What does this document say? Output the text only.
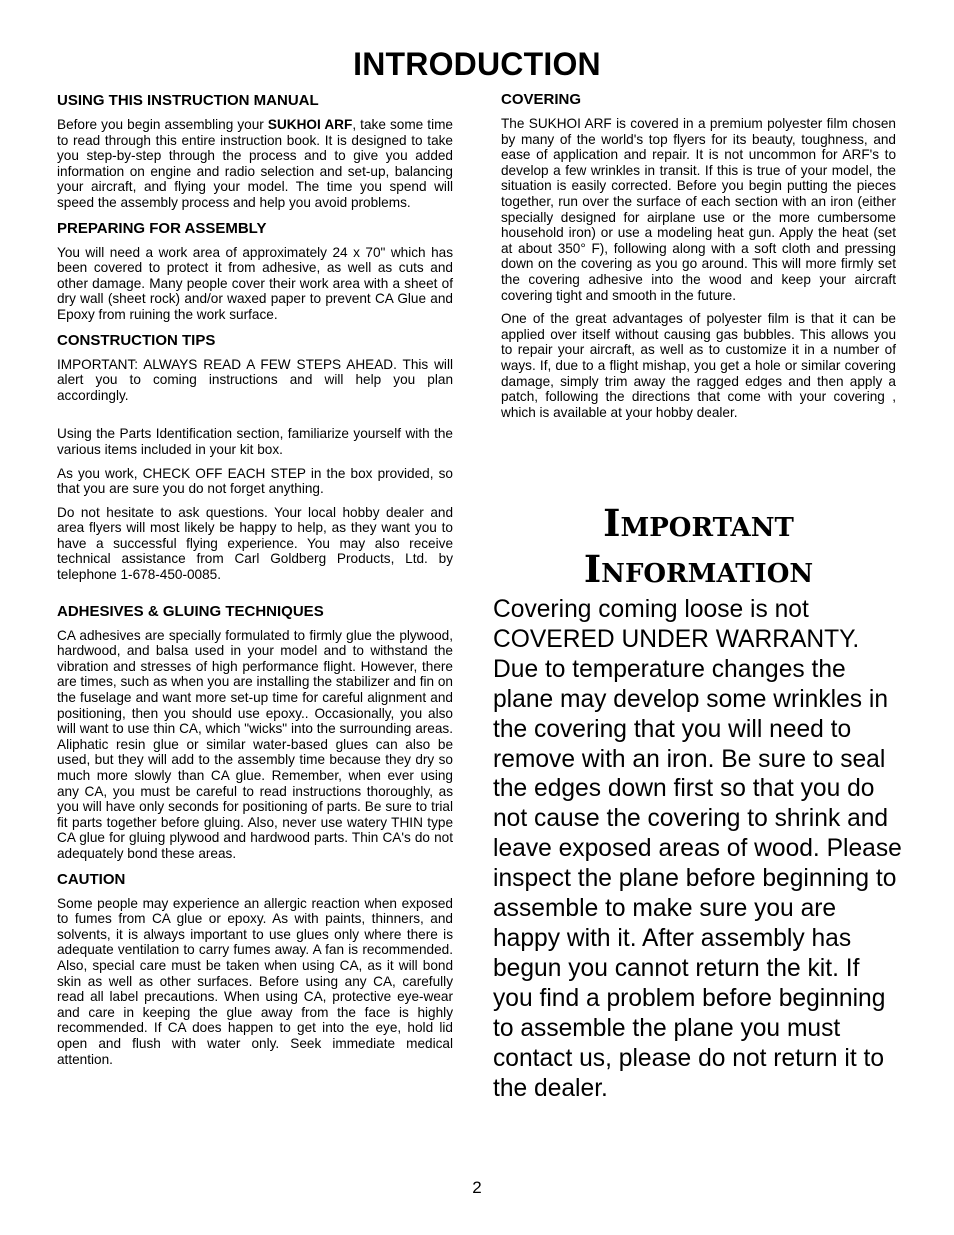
INTRODUCTION
USING THIS INSTRUCTION MANUAL

Before you begin assembling your SUKHOI ARF, take some time to read through this entire instruction book. It is designed to take you step-by-step through the process and to give you added information on engine and radio selection and set-up, balancing your aircraft, and flying your model. The time you spend will speed the assembly process and help you avoid problems.

PREPARING FOR ASSEMBLY

You will need a work area of approximately 24 x 70" which has been covered to protect it from adhesive, as well as cuts and other damage. Many people cover their work area with a sheet of dry wall (sheet rock) and/or waxed paper to prevent CA Glue and Epoxy from ruining the work surface.

CONSTRUCTION TIPS

IMPORTANT: ALWAYS READ A FEW STEPS AHEAD. This will alert you to coming instructions and will help you plan accordingly.

Using the Parts Identification section, familiarize yourself with the various items included in your kit box.

As you work, CHECK OFF EACH STEP in the box provided, so that you are sure you do not forget anything.

Do not hesitate to ask questions. Your local hobby dealer and area flyers will most likely be happy to help, as they want you to have a successful flying experience. You may also receive technical assistance from Carl Goldberg Products, Ltd. by telephone 1-678-450-0085.

ADHESIVES & GLUING TECHNIQUES

CA adhesives are specially formulated to firmly glue the plywood, hardwood, and balsa used in your model and to withstand the vibration and stresses of high performance flight. However, there are times, such as when you are installing the stabilizer and fin on the fuselage and want more set-up time for careful alignment and positioning, then you should use epoxy.. Occasionally, you also will want to use thin CA, which "wicks" into the surrounding areas. Aliphatic resin glue or similar water-based glues can also be used, but they will add to the assembly time because they dry so much more slowly than CA glue. Remember, when ever using any CA, you must be careful to read instructions thoroughly, as you will have only seconds for positioning of parts. Be sure to trial fit parts together before gluing. Also, never use watery THIN type CA glue for gluing plywood and hardwood parts. Thin CA's do not adequately bond these areas.

CAUTION

Some people may experience an allergic reaction when exposed to fumes from CA glue or epoxy. As with paints, thinners, and solvents, it is always important to use glues only where there is adequate ventilation to carry fumes away. A fan is recommended. Also, special care must be taken when using CA, as it will bond skin as well as other surfaces. Before using any CA, carefully read all label precautions. When using CA, protective eye-wear and care in keeping the glue away from the face is highly recommended. If CA does happen to get into the eye, hold lid open and flush with water only. Seek immediate medical attention.

COVERING

The SUKHOI ARF is covered in a premium polyester film chosen by many of the world's top flyers for its beauty, toughness, and ease of application and repair. It is not uncommon for ARF's to develop a few wrinkles in transit. If this is true of your model, the situation is easily corrected. Before you begin putting the pieces together, run over the surface of each section with an iron (either specially designed for airplane use or the more cumbersome household iron) or use a modeling heat gun. Apply the heat (set at about 350° F), following along with a soft cloth and pressing down on the covering as you go around. This will more firmly set the covering adhesive into the wood and keep your aircraft covering tight and smooth in the future.

One of the great advantages of polyester film is that it can be applied over itself without causing gas bubbles. This allows you to repair your aircraft, as well as to customize it in a number of ways. If, due to a flight mishap, you get a hole or similar covering damage, simply trim away the ragged edges and then apply a patch, following the directions that come with your covering , which is available at your hobby dealer.

Important
Information

Covering coming loose is not COVERED UNDER WARRANTY. Due to temperature changes the plane may develop some wrinkles in the covering that you will need to remove with an iron. Be sure to seal the edges down first so that you do not cause the covering to shrink and leave exposed areas of wood. Please inspect the plane before beginning to assemble to make sure you are happy with it. After assembly has begun you cannot return the kit. If you find a problem before beginning to assemble the plane you must contact us, please do not return it to the dealer.

2
